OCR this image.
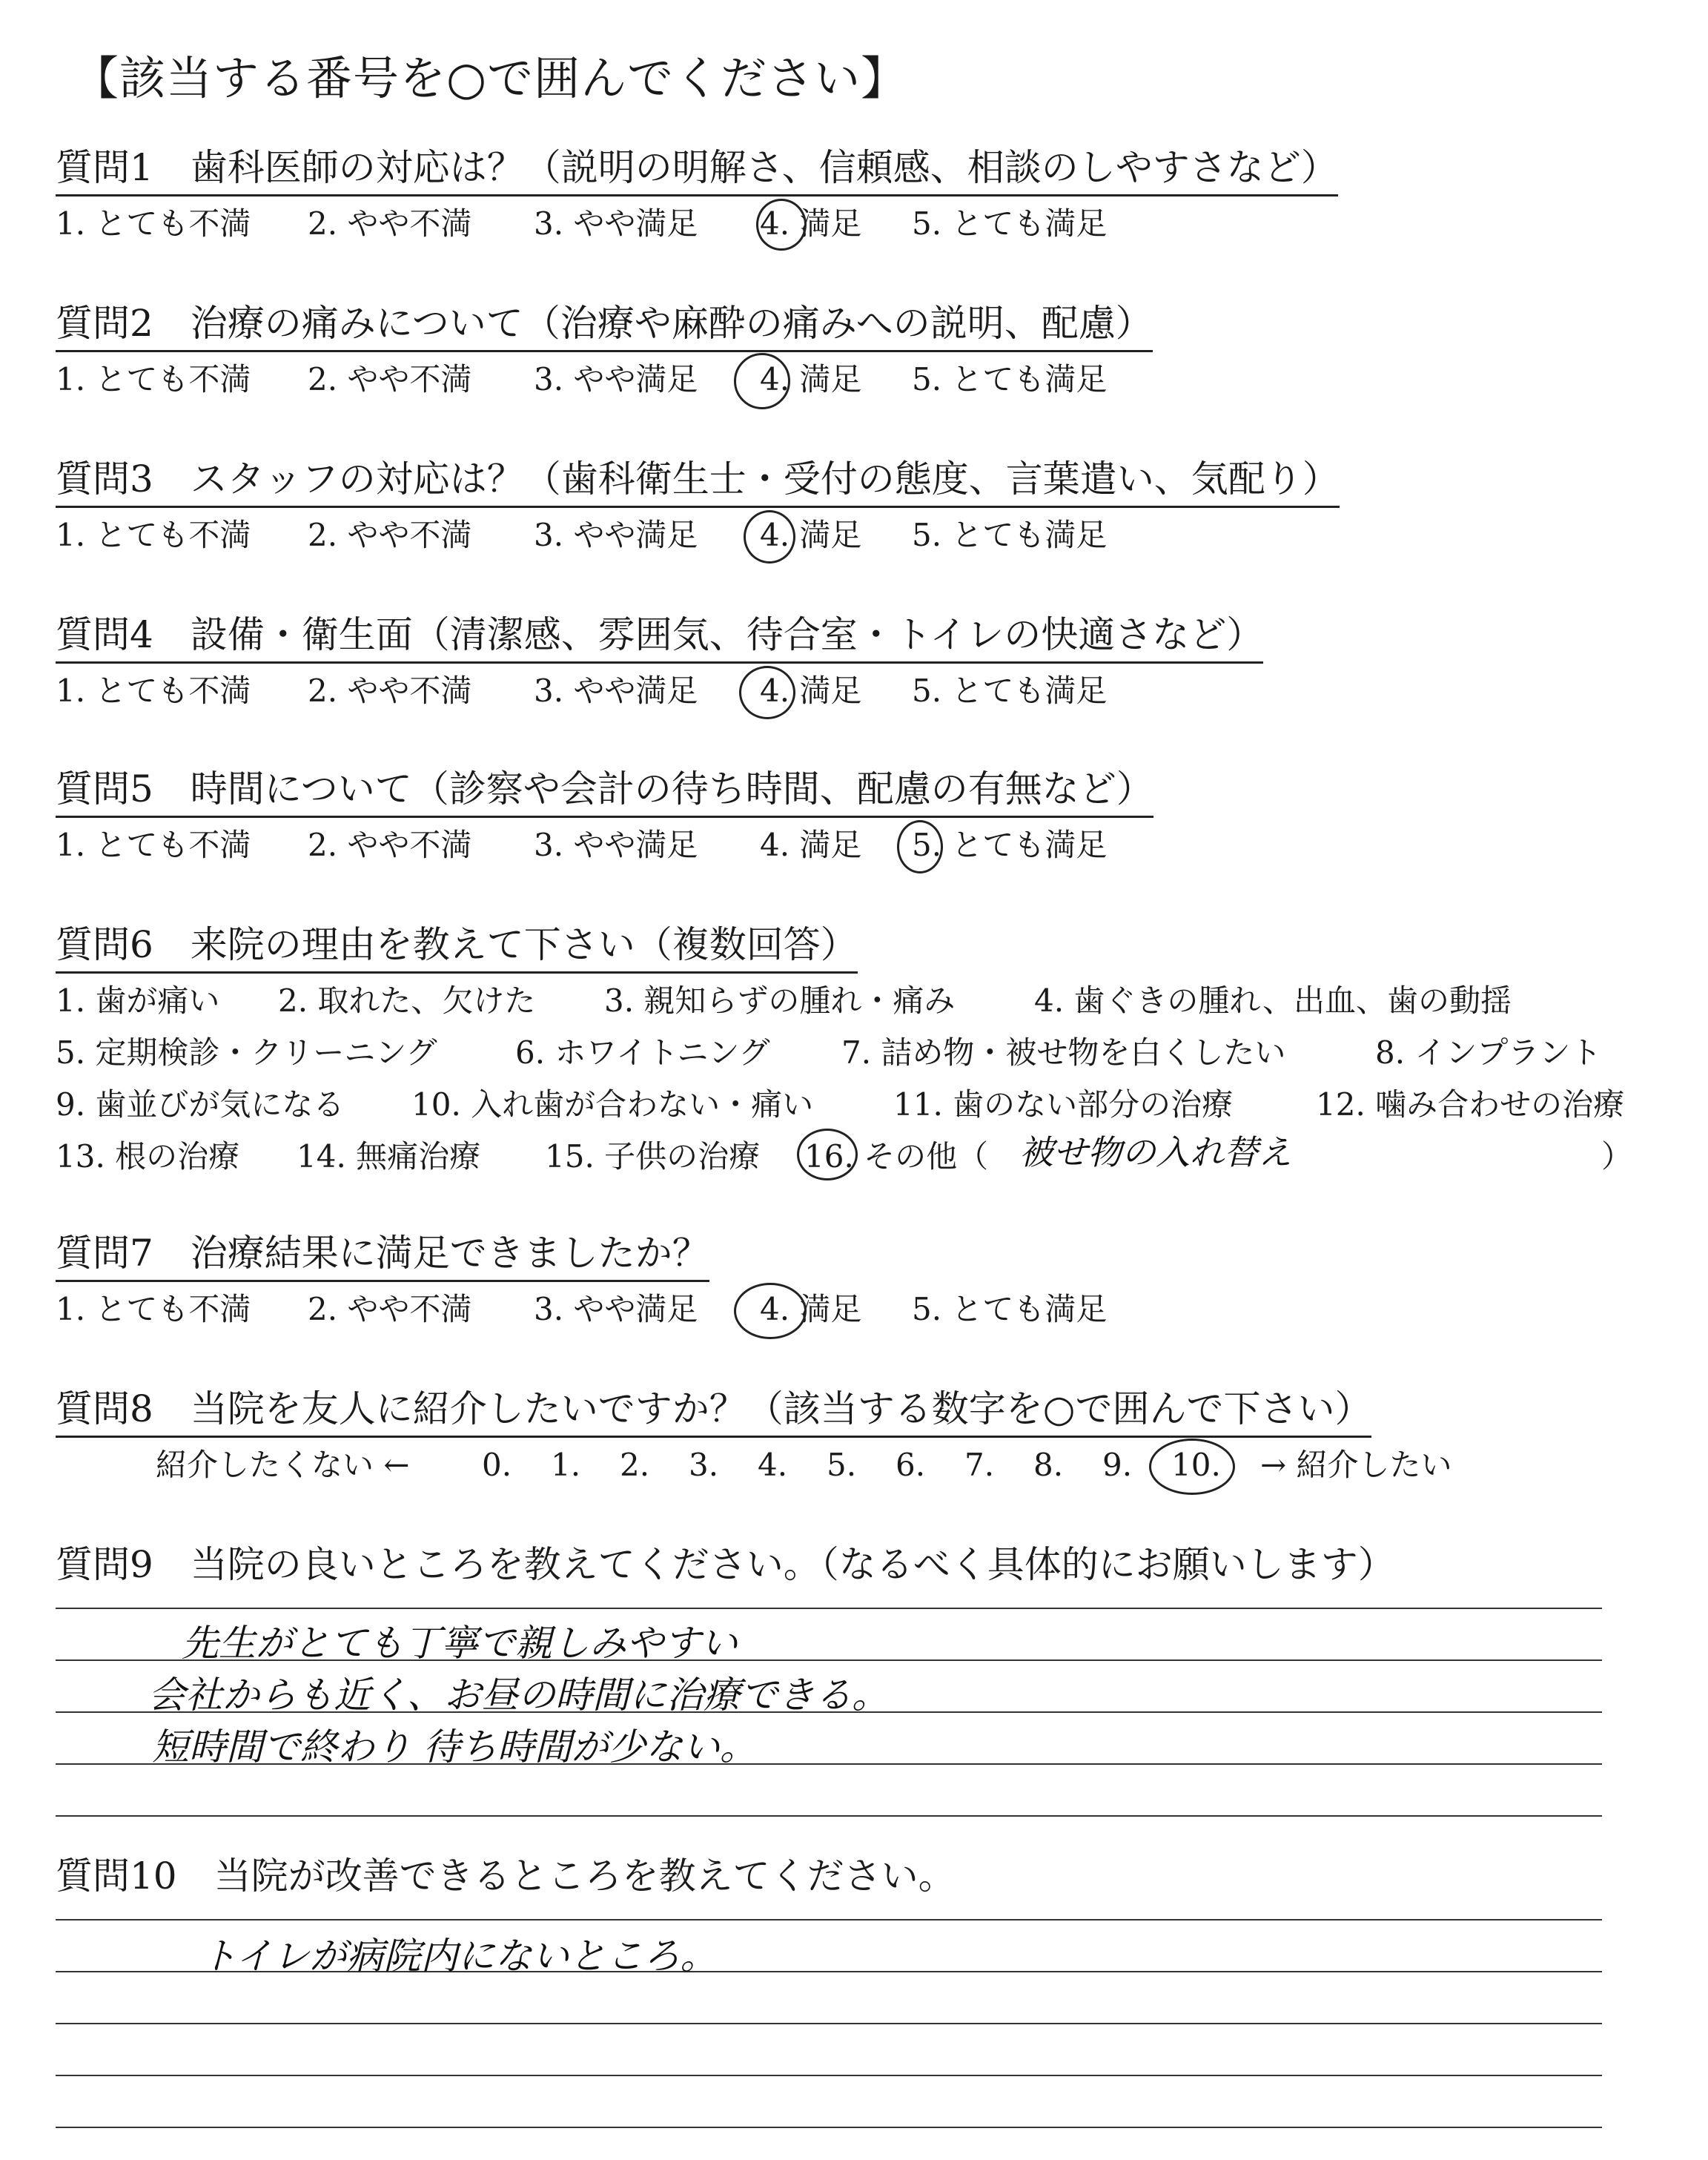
【該当する番号を○で囲んでください】
質問1　歯科医師の対応は？（説明の明解さ、信頼感、相談のしやすさなど）
1. とても不満 2. やや不満 3. やや満足 4. 満足 5. とても満足
質問2　治療の痛みについて（治療や麻酔の痛みへの説明、配慮）
1. とても不満 2. やや不満 3. やや満足 4. 満足 5. とても満足
質問3　スタッフの対応は？（歯科衛生士・受付の態度、言葉遣い、気配り）
1. とても不満 2. やや不満 3. やや満足 4. 満足 5. とても満足
質問4　設備・衛生面（清潔感、雰囲気、待合室・トイレの快適さなど）
1. とても不満 2. やや不満 3. やや満足 4. 満足 5. とても満足
質問5　時間について（診察や会計の待ち時間、配慮の有無など）
1. とても不満 2. やや不満 3. やや満足 4. 満足 5. とても満足
質問6　来院の理由を教えて下さい（複数回答）
1. 歯が痛い 2. 取れた、欠けた 3. 親知らずの腫れ・痛み	4. 歯ぐきの腫れ、出血、歯の動揺
5. 定期検診・クリーニング	6. ホワイトニング 7. 詰め物・被せ物を白くしたい	8. インプラント
9. 歯並びが気になる 10. 入れ歯が合わない・痛い	11. 歯のない部分の治療	12. 噛み合わせの治療
13. 根の治療 14. 無痛治療 15. 子供の治療 16. その他（ 被せ物の入れ替え	）
質問7　治療結果に満足できましたか？
1. とても不満 2. やや不満 3. やや満足 4. 満足 5. とても満足
質問8　当院を友人に紹介したいですか？（該当する数字を○で囲んで下さい）
紹介したくない ← 0. 1. 2. 3. 4. 5. 6. 7. 8. 9. 10. → 紹介したい
質問9　当院の良いところを教えてください。（なるべく具体的にお願いします）
先生がとても丁寧で親しみやすい
会社からも近く、お昼の時間に治療できる。
短時間で終わり 待ち時間が少ない。
質問10　当院が改善できるところを教えてください。
トイレが病院内にないところ。
